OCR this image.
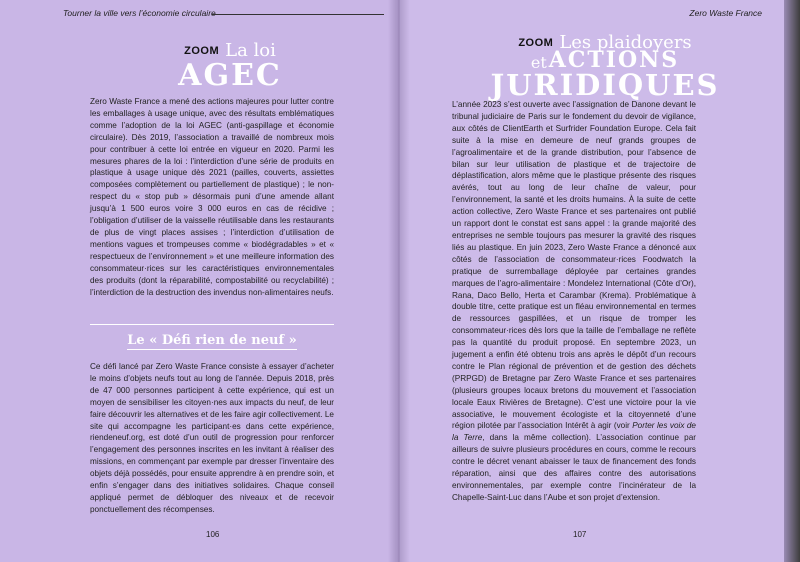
Tourner la ville vers l’économie circulaire
ZOOM La loi
AGEC

Zero Waste France a mené des actions majeures pour lutter contre les emballages à usage unique, avec des résultats emblématiques comme l’adoption de la loi AGEC (anti-gaspillage et économie circulaire). Dès 2019, l’association a travaillé de nombreux mois pour contribuer à cette loi entrée en vigueur en 2020. Parmi les mesures phares de la loi : l’interdiction d’une série de produits en plastique à usage unique dès 2021 (pailles, couverts, assiettes composées complètement ou partiellement de plastique) ; le non-respect du « stop pub » désormais puni d’une amende allant jusqu’à 1 500 euros voire 3 000 euros en cas de récidive ; l’obligation d’utiliser de la vaisselle réutilisable dans les restaurants de plus de vingt places assises ; l’interdiction d’utilisation de mentions vagues et trompeuses comme « biodégradables » et « respectueux de l’environnement » et une meilleure information des consommateur·rices sur les caractéristiques environnementales des produits (dont la réparabilité, compostabilité ou recyclabilité) ; l’interdiction de la destruction des invendus non-alimentaires neufs.

Le « Défi rien de neuf »

Ce défi lancé par Zero Waste France consiste à essayer d’acheter le moins d’objets neufs tout au long de l’année. Depuis 2018, près de 47 000 personnes participent à cette expérience, qui est un moyen de sensibiliser les citoyen·nes aux impacts du neuf, de leur faire découvrir les alternatives et de les faire agir collectivement. Le site qui accompagne les participant·es dans cette expérience, riendeneuf.org, est doté d’un outil de progression pour renforcer l’engagement des personnes inscrites en les invitant à réaliser des missions, en commençant par exemple par dresser l’inventaire des objets déjà possédés, pour ensuite apprendre à en prendre soin, et enfin s’engager dans des initiatives solidaires. Chaque conseil appliqué permet de débloquer des niveaux et de recevoir ponctuellement des récompenses.

106
Zero Waste France
ZOOM Les plaidoyers
etACTIONS
JURIDIQUES

L’année 2023 s’est ouverte avec l’assignation de Danone devant le tribunal judiciaire de Paris sur le fondement du devoir de vigilance, aux côtés de ClientEarth et Surfrider Foundation Europe. Cela fait suite à la mise en demeure de neuf grands groupes de l’agroalimentaire et de la grande distribution, pour l’absence de bilan sur leur utilisation de plastique et de trajectoire de déplastification, alors même que le plastique présente des risques avérés, tout au long de leur chaîne de valeur, pour l’environnement, la santé et les droits humains. À la suite de cette action collective, Zero Waste France et ses partenaires ont publié un rapport dont le constat est sans appel : la grande majorité des entreprises ne semble toujours pas mesurer la gravité des risques liés au plastique. En juin 2023, Zero Waste France a dénoncé aux côtés de l’association de consommateur·rices Foodwatch la pratique de surremballage déployée par certaines grandes marques de l’agro-alimentaire : Mondelez International (Côte d’Or), Rana, Daco Bello, Herta et Carambar (Krema). Problématique à double titre, cette pratique est un fléau environnemental en termes de ressources gaspillées, et un risque de tromper les consommateur·rices dès lors que la taille de l’emballage ne reflète pas la quantité du produit proposé. En septembre 2023, un jugement a enfin été obtenu trois ans après le dépôt d’un recours contre le Plan régional de prévention et de gestion des déchets (PRPGD) de Bretagne par Zero Waste France et ses partenaires (plusieurs groupes locaux bretons du mouvement et l’association locale Eaux Rivières de Bretagne). C’est une victoire pour la vie associative, le mouvement écologiste et la citoyenneté d’une région pilotée par l’association Intérêt à agir (voir Porter les voix de la Terre, dans la même collection). L’association continue par ailleurs de suivre plusieurs procédures en cours, comme le recours contre le décret venant abaisser le taux de financement des fonds réparation, ainsi que des affaires contre des autorisations environnementales, par exemple contre l’incinérateur de la Chapelle-Saint-Luc dans l’Aube et son projet d’extension.

107
